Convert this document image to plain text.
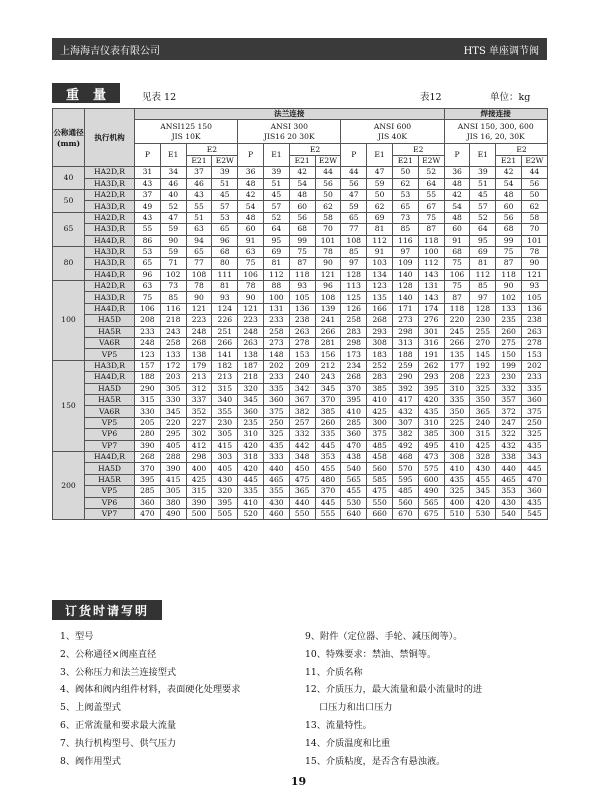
上海海吉仪表有限公司	HTS 单座调节阀
重量 见表 12	表12	单位：kg
公称通径(mm)	执行机构	法兰连接												焊接连接			
		ANSI125 150
JIS 10K				ANSI 300
JIS16 20 30K				ANSI 600
JIS 40K				ANSI 150, 300, 600
JIS 16, 20, 30K			
		P	E1	E2		P	E1	E2		P	E1	E2		P	E1	E2	
				E21	E2W			E21	E2W			E21	E2W			E21	E2W
40	HA2D,R	31	34	37	39	36	39	42	44	44	47	50	52	36	39	42	44
	HA3D,R	43	46	46	51	48	51	54	56	56	59	62	64	48	51	54	56
50	HA2D,R	37	40	43	45	42	45	48	50	47	50	53	55	42	45	48	50
	HA3D,R	49	52	55	57	54	57	60	62	59	62	65	67	54	57	60	62
65	HA2D,R	43	47	51	53	48	52	56	58	65	69	73	75	48	52	56	58
	HA3D,R	55	59	63	65	60	64	68	70	77	81	85	87	60	64	68	70
	HA4D,R	86	90	94	96	91	95	99	101	108	112	116	118	91	95	99	101
80	HA3D,R	53	59	65	68	63	69	75	78	85	91	97	100	68	69	75	78
	HA3D,R	65	71	77	80	75	81	87	90	97	103	109	112	75	81	87	90
	HA4D,R	96	102	108	111	106	112	118	121	128	134	140	143	106	112	118	121
100	HA2D,R	63	73	78	81	78	88	93	96	113	123	128	131	75	85	90	93
	HA3D,R	75	85	90	93	90	100	105	108	125	135	140	143	87	97	102	105
	HA4D,R	106	116	121	124	121	131	136	139	126	166	171	174	118	128	133	136
	HA5D	208	218	223	226	223	233	238	241	258	268	273	276	220	230	235	238
	HA5R	233	243	248	251	248	258	263	266	283	293	298	301	245	255	260	263
	VA6R	248	258	268	266	263	273	278	281	298	308	313	316	266	270	275	278
	VP5	123	133	138	141	138	148	153	156	173	183	188	191	135	145	150	153
150	HA3D,R	157	172	179	182	187	202	209	212	234	252	259	262	177	192	199	202
	HA4D,R	188	203	213	213	218	233	240	243	268	283	290	293	208	223	230	233
	HA5D	290	305	312	315	320	335	342	345	370	385	392	395	310	325	332	335
	HA5R	315	330	337	340	345	360	367	370	395	410	417	420	335	350	357	360
	VA6R	330	345	352	355	360	375	382	385	410	425	432	435	350	365	372	375
	VP5	205	220	227	230	235	250	257	260	285	300	307	310	225	240	247	250
	VP6	280	295	302	305	310	325	332	335	360	375	382	385	300	315	322	325
	VP7	390	405	412	415	420	435	442	445	470	485	492	495	410	425	432	435
200	HA4D,R	268	288	298	303	318	333	348	353	438	458	468	473	308	328	338	343
	HA5D	370	390	400	405	420	440	450	455	540	560	570	575	410	430	440	445
	HA5R	395	415	425	430	445	465	475	480	565	585	595	600	435	455	465	470
	VP5	285	305	315	320	335	355	365	370	455	475	485	490	325	345	353	360
	VP6	360	380	390	395	410	430	440	445	530	550	560	565	400	420	430	435
	VP7	470	490	500	505	520	460	550	555	640	660	670	675	510	530	540	545
订货时请写明
1、型号
2、公称通径×阀座直径
3、公称压力和法兰连接型式
4、阀体和阀内组件材料，表面硬化处理要求
5、上阀盖型式
6、正常流量和要求最大流量
7、执行机构型号、供气压力
8、阀作用型式
9、附件（定位器、手轮、减压阀等）。
10、特殊要求：禁油、禁铜等。
11、介质名称
12、介质压力，最大流量和最小流量时的进
口压力和出口压力
13、流量特性。
14、介质温度和比重
15、介质粘度，是否含有悬浊液。
19
